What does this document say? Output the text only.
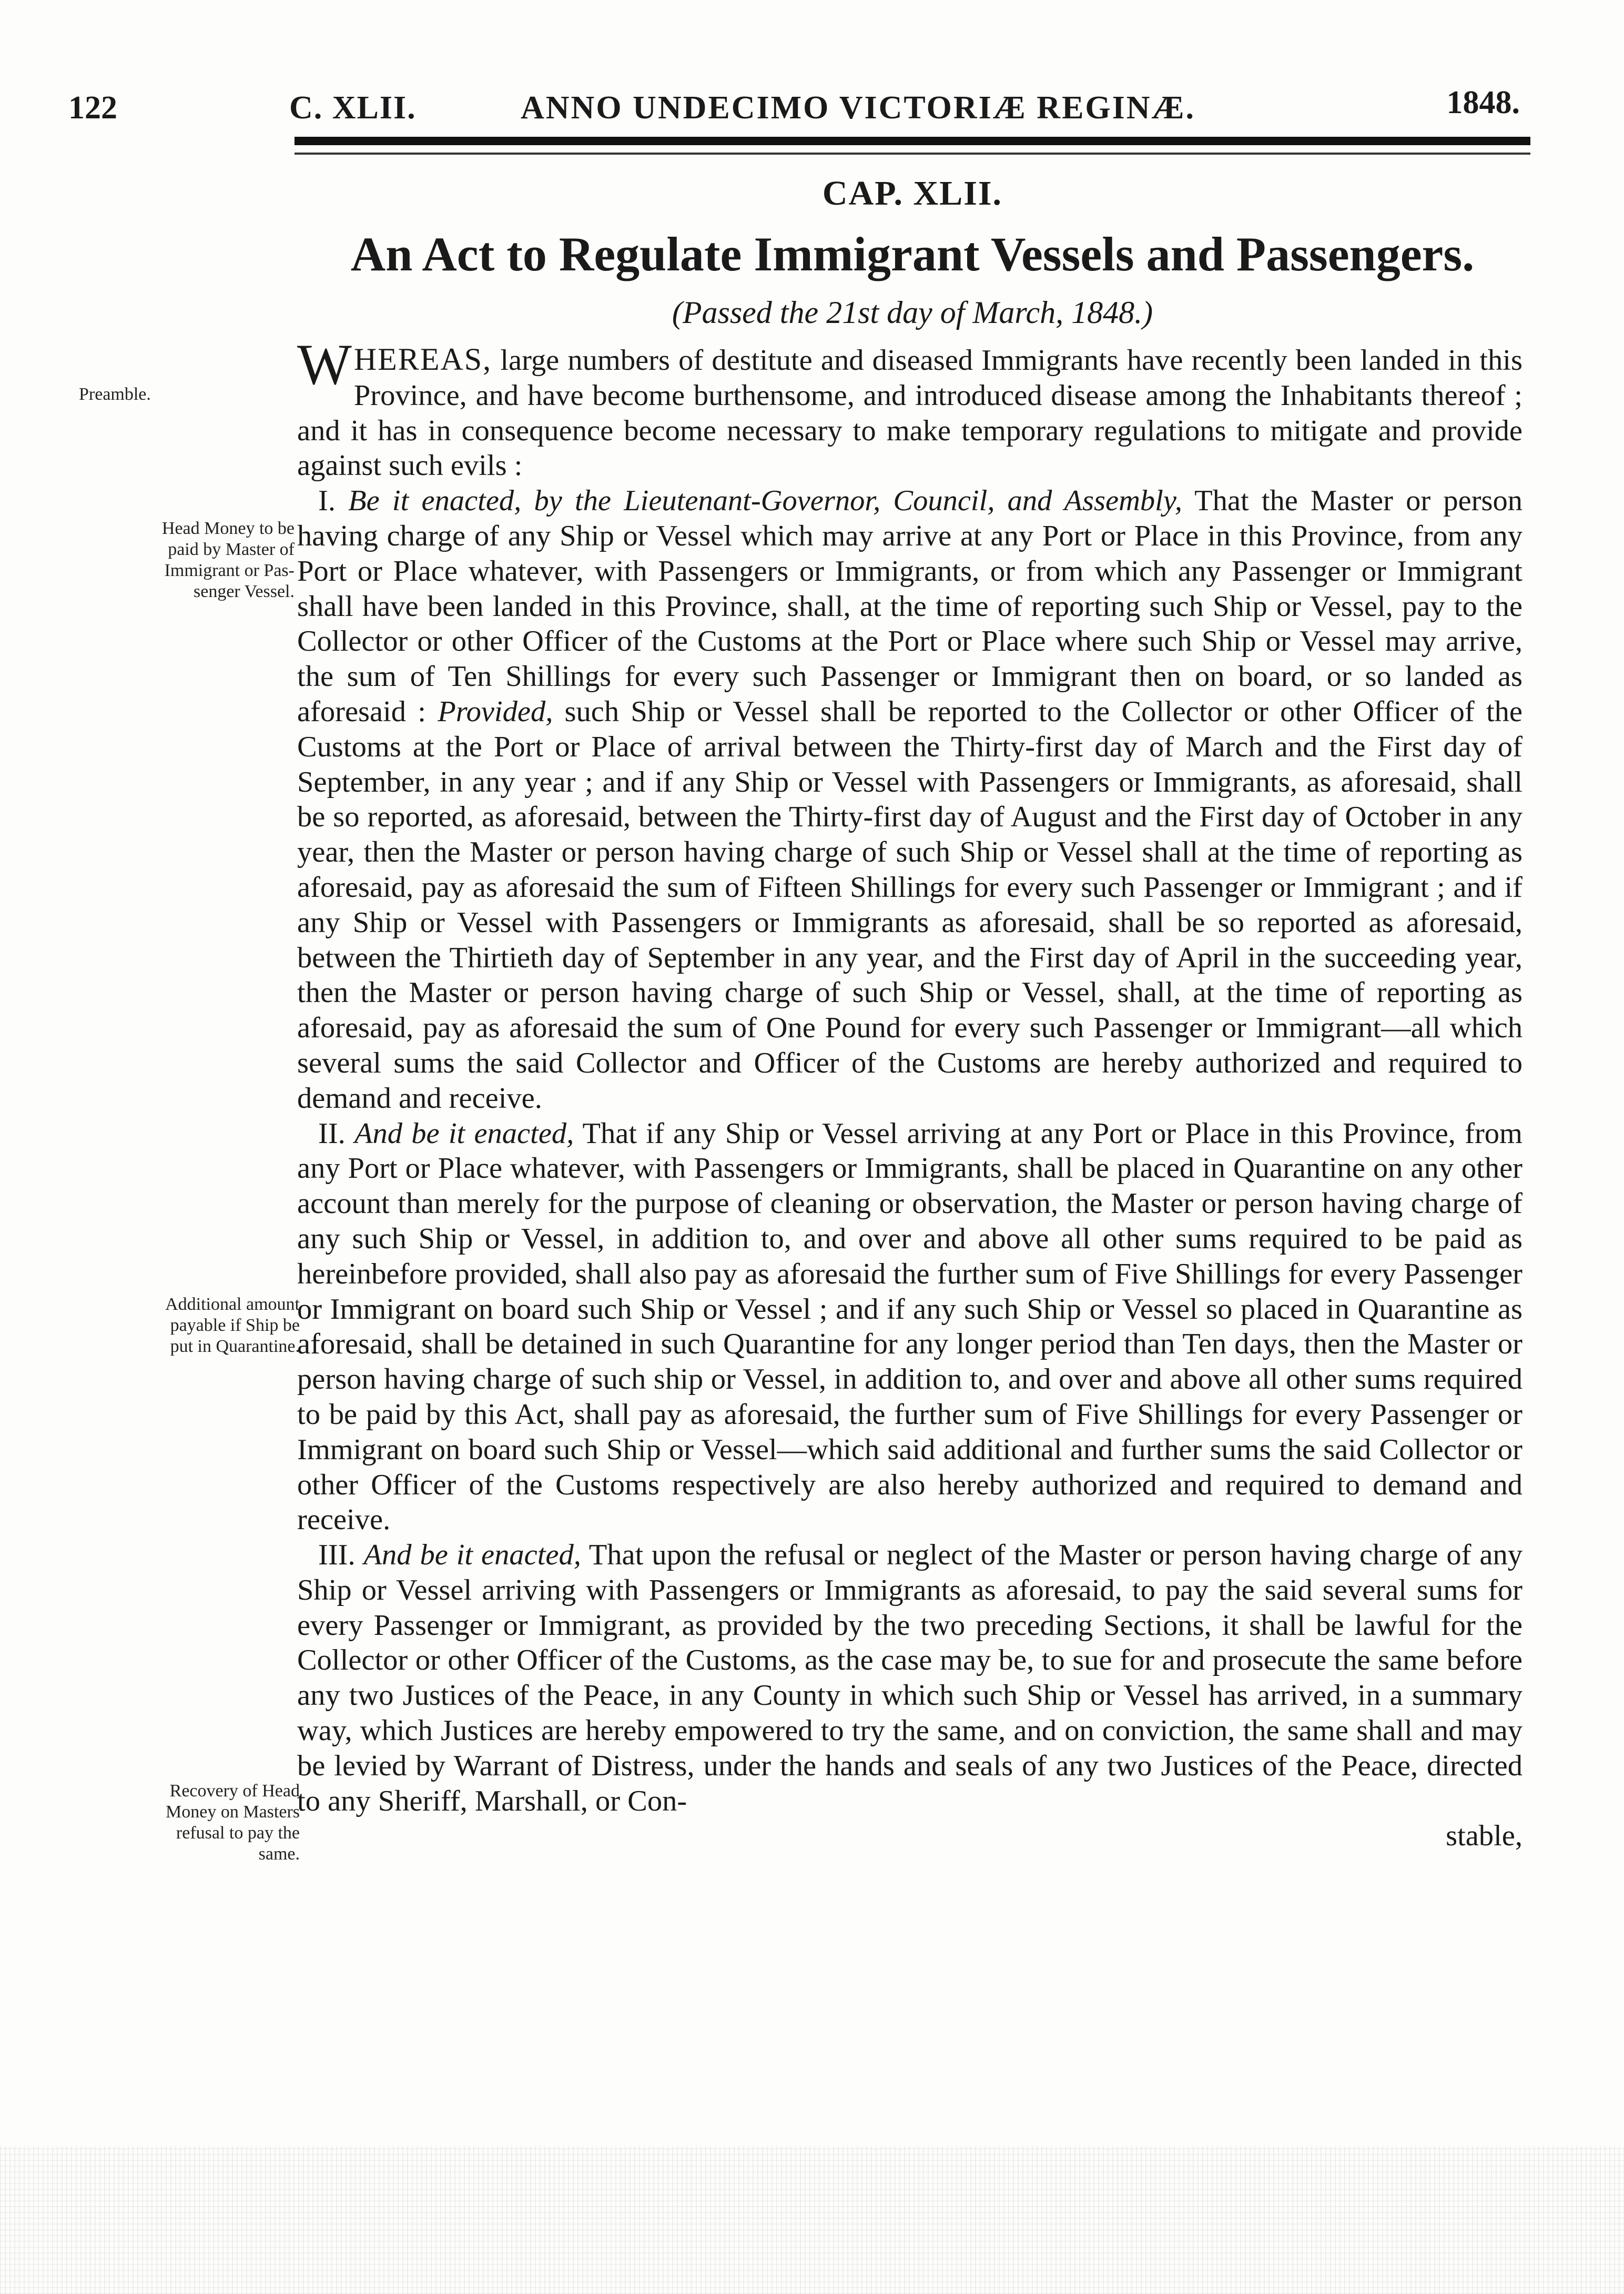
122	C. XLII.	ANNO UNDECIMO VICTORIÆ REGINÆ.	1848.
CAP. XLII.
An Act to Regulate Immigrant Vessels and Passengers.
(Passed the 21st day of March, 1848.)
Preamble.
Head Money to be
paid by Master of
Immigrant or Pas-
senger Vessel.
Additional amount
payable if Ship be
put in Quarantine.
Recovery of Head
Money on Masters
refusal to pay the
same.

WHEREAS, large numbers of destitute and diseased Immigrants have recently been landed in this Province, and have become burthensome, and introduced disease among the Inhabitants thereof ; and it has in consequence become necessary to make temporary regulations to mitigate and provide against such evils :

I. Be it enacted, by the Lieutenant-Governor, Council, and Assembly, That the Master or person having charge of any Ship or Vessel which may arrive at any Port or Place in this Province, from any Port or Place whatever, with Passengers or Immigrants, or from which any Passenger or Immigrant shall have been landed in this Province, shall, at the time of reporting such Ship or Vessel, pay to the Collector or other Officer of the Customs at the Port or Place where such Ship or Vessel may arrive, the sum of Ten Shillings for every such Passenger or Immigrant then on board, or so landed as aforesaid : Provided, such Ship or Vessel shall be reported to the Collector or other Officer of the Customs at the Port or Place of arrival between the Thirty-first day of March and the First day of September, in any year ; and if any Ship or Vessel with Passengers or Immigrants, as aforesaid, shall be so reported, as aforesaid, between the Thirty-first day of August and the First day of October in any year, then the Master or person having charge of such Ship or Vessel shall at the time of reporting as aforesaid, pay as aforesaid the sum of Fifteen Shillings for every such Passenger or Immigrant ; and if any Ship or Vessel with Passengers or Immigrants as aforesaid, shall be so reported as aforesaid, between the Thirtieth day of September in any year, and the First day of April in the succeeding year, then the Master or person having charge of such Ship or Vessel, shall, at the time of reporting as aforesaid, pay as aforesaid the sum of One Pound for every such Passenger or Immigrant—all which several sums the said Collector and Officer of the Customs are hereby authorized and required to demand and receive.

II. And be it enacted, That if any Ship or Vessel arriving at any Port or Place in this Province, from any Port or Place whatever, with Passengers or Immigrants, shall be placed in Quarantine on any other account than merely for the purpose of cleaning or observation, the Master or person having charge of any such Ship or Vessel, in addition to, and over and above all other sums required to be paid as hereinbefore provided, shall also pay as aforesaid the further sum of Five Shillings for every Passenger or Immigrant on board such Ship or Vessel ; and if any such Ship or Vessel so placed in Quarantine as aforesaid, shall be detained in such Quarantine for any longer period than Ten days, then the Master or person having charge of such ship or Vessel, in addition to, and over and above all other sums required to be paid by this Act, shall pay as aforesaid, the further sum of Five Shillings for every Passenger or Immigrant on board such Ship or Vessel—which said additional and further sums the said Collector or other Officer of the Customs respectively are also hereby authorized and required to demand and receive.

III. And be it enacted, That upon the refusal or neglect of the Master or person having charge of any Ship or Vessel arriving with Passengers or Immigrants as aforesaid, to pay the said several sums for every Passenger or Immigrant, as provided by the two preceding Sections, it shall be lawful for the Collector or other Officer of the Customs, as the case may be, to sue for and prosecute the same before any two Justices of the Peace, in any County in which such Ship or Vessel has arrived, in a summary way, which Justices are hereby empowered to try the same, and on conviction, the same shall and may be levied by Warrant of Distress, under the hands and seals of any two Justices of the Peace, directed to any Sheriff, Marshall, or Con-
stable,
